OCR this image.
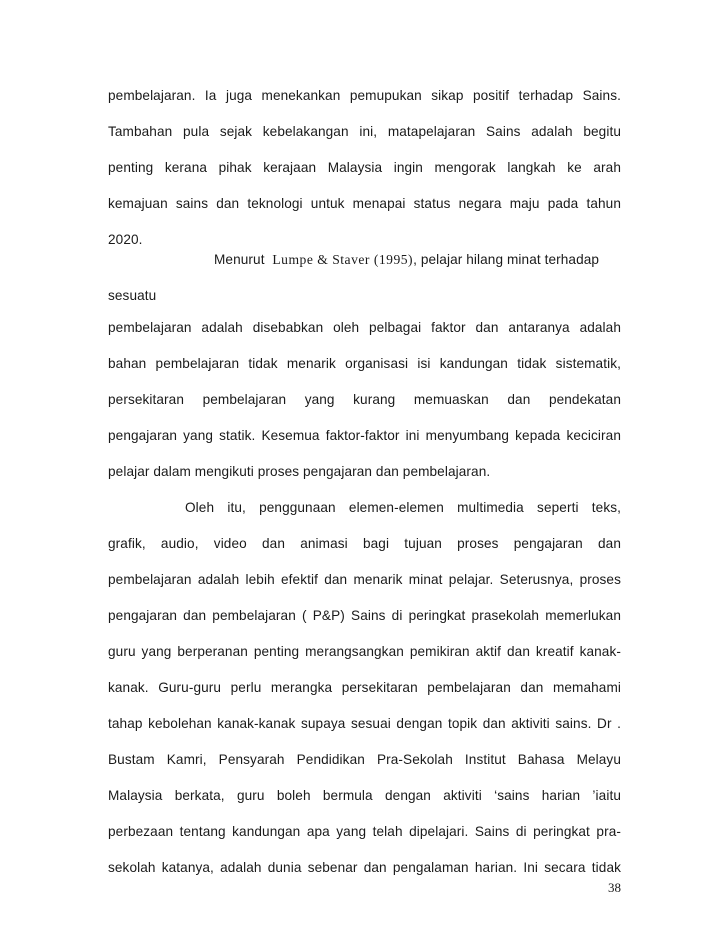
pembelajaran. Ia juga menekankan pemupukan sikap positif terhadap Sains.
Tambahan pula sejak kebelakangan ini, matapelajaran Sains adalah begitu
penting kerana pihak kerajaan Malaysia ingin mengorak langkah ke arah
kemajuan sains dan teknologi untuk menapai status negara maju pada tahun
2020.
Menurut Lumpe & Staver (1995), pelajar hilang minat terhadap
sesuatu
pembelajaran adalah disebabkan oleh pelbagai faktor dan antaranya adalah
bahan pembelajaran tidak menarik organisasi isi kandungan tidak sistematik,
persekitaran pembelajaran yang kurang memuaskan dan pendekatan
pengajaran yang statik. Kesemua faktor-faktor ini menyumbang kepada keciciran
pelajar dalam mengikuti proses pengajaran dan pembelajaran.
Oleh itu, penggunaan elemen-elemen multimedia seperti teks,
grafik, audio, video dan animasi bagi tujuan proses pengajaran dan
pembelajaran adalah lebih efektif dan menarik minat pelajar. Seterusnya, proses
pengajaran dan pembelajaran ( P&P) Sains di peringkat prasekolah memerlukan
guru yang berperanan penting merangsangkan pemikiran aktif dan kreatif kanak-
kanak. Guru-guru perlu merangka persekitaran pembelajaran dan memahami
tahap kebolehan kanak-kanak supaya sesuai dengan topik dan aktiviti sains. Dr .
Bustam Kamri, Pensyarah Pendidikan Pra-Sekolah Institut Bahasa Melayu
Malaysia berkata, guru boleh bermula dengan aktiviti ‘sains harian ’iaitu
perbezaan tentang kandungan apa yang telah dipelajari. Sains di peringkat pra-
sekolah katanya, adalah dunia sebenar dan pengalaman harian. Ini secara tidak
38
